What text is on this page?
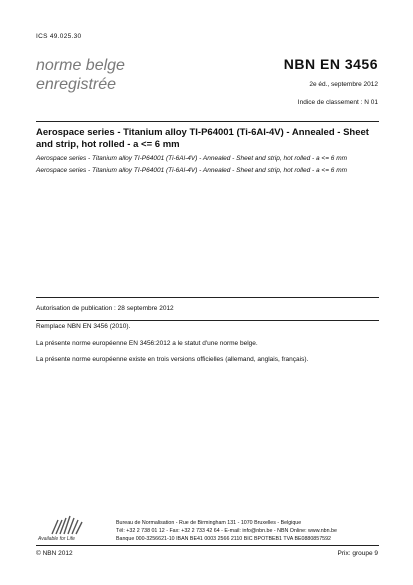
ICS 49.025.30
norme belge
enregistrée
NBN EN 3456
2e éd., septembre 2012
Indice de classement : N 01
Aerospace series - Titanium alloy TI-P64001 (Ti-6Al-4V) - Annealed - Sheet and strip, hot rolled - a <= 6 mm
Aerospace series - Titanium alloy TI-P64001 (Ti-6Al-4V) - Annealed - Sheet and strip, hot rolled - a <= 6 mm
Aerospace series - Titanium alloy TI-P64001 (Ti-6Al-4V) - Annealed - Sheet and strip, hot rolled - a <= 6 mm
Autorisation de publication : 28 septembre 2012
Remplace NBN EN 3456 (2010).
La présente norme européenne EN 3456:2012 a le statut d'une norme belge.
La présente norme européenne existe en trois versions officielles (allemand, anglais, français).
Available for Life
Bureau de Normalisation - Rue de Birmingham 131 - 1070 Bruxelles - Belgique
Tél: +32 2 738 01 12 - Fax: +32 2 733 42 64 - E-mail: info@nbn.be - NBN Online: www.nbn.be
Banque 000-3256621-10 IBAN BE41 0003 2566 2110 BIC BPOTBEB1 TVA BE0880857592
© NBN 2012	Prix: groupe 9
